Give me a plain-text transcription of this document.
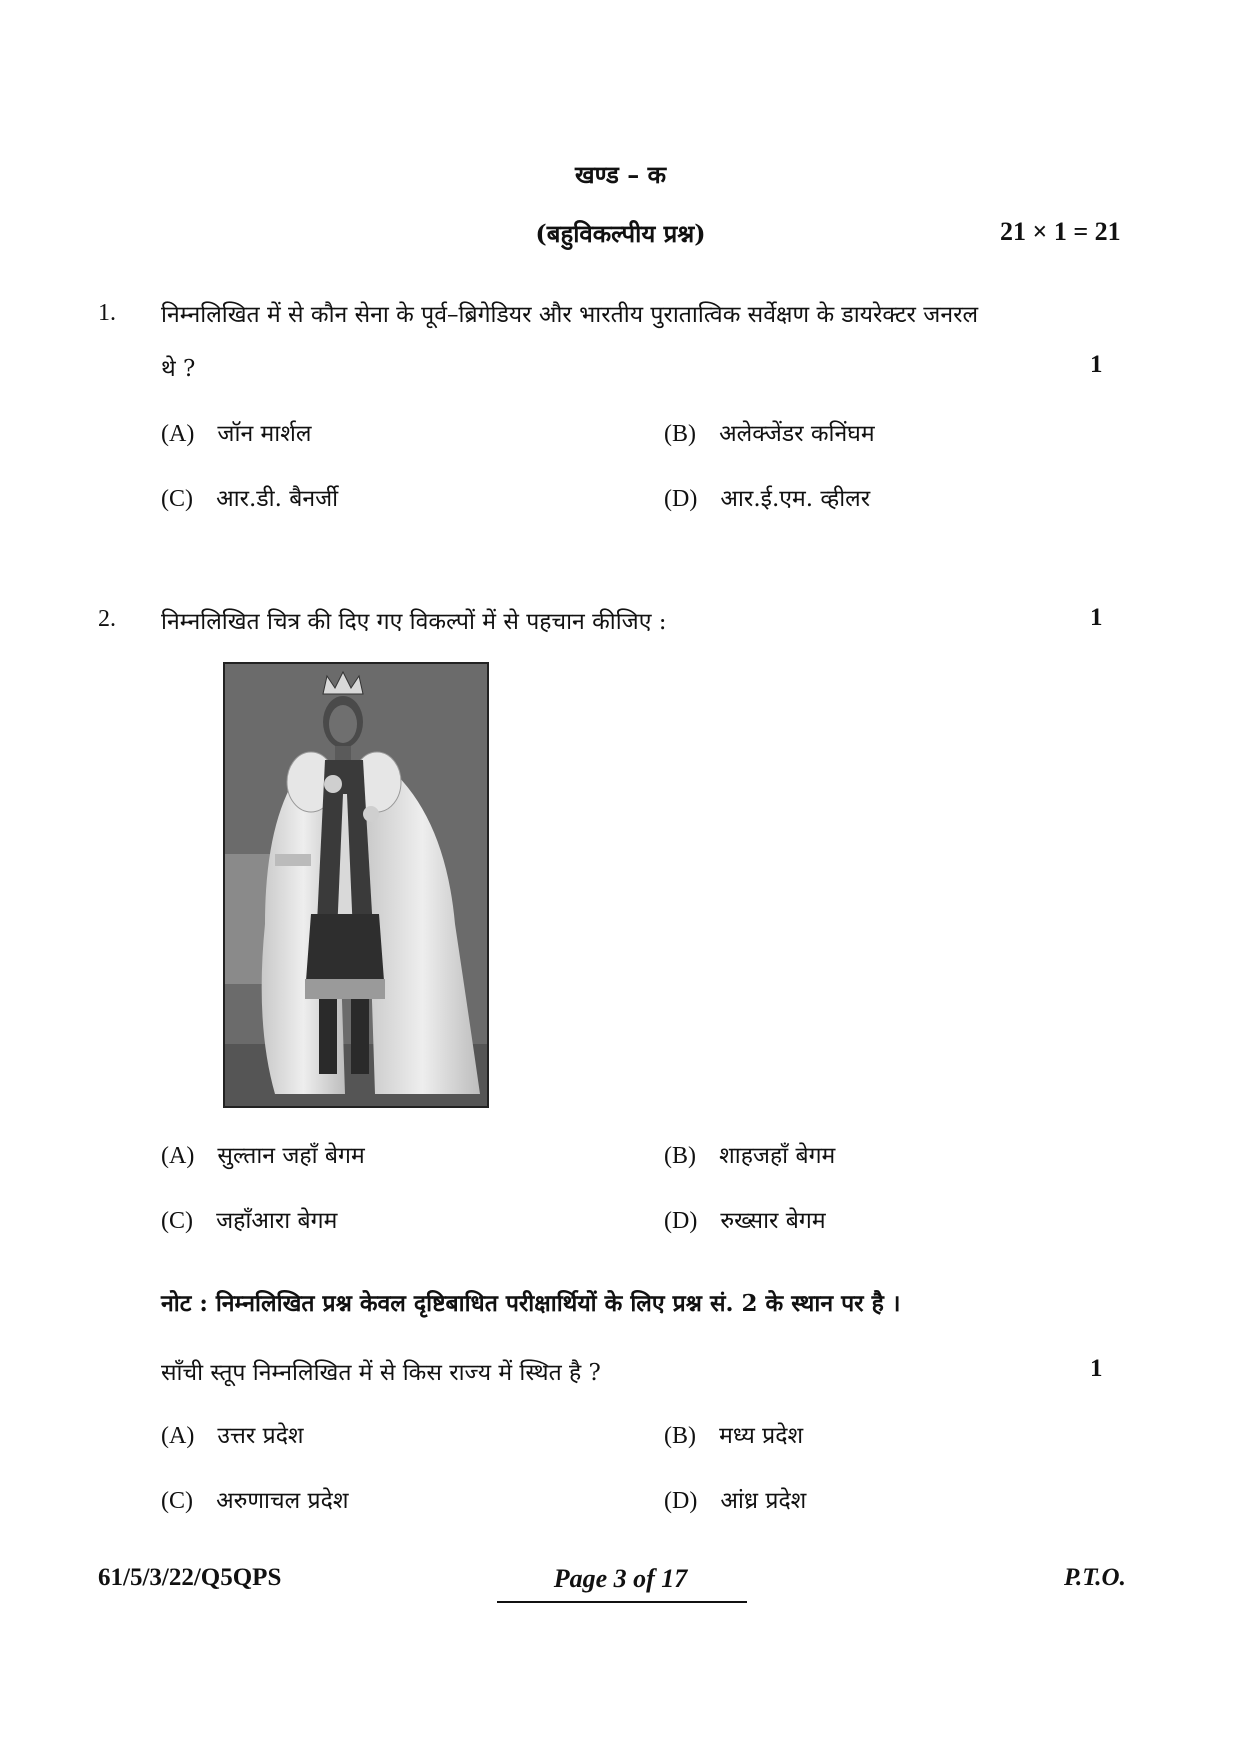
खण्ड – क
(बहुविकल्पीय प्रश्न)	21 × 1 = 21
1. निम्नलिखित में से कौन सेना के पूर्व–ब्रिगेडियर और भारतीय पुरातात्विक सर्वेक्षण के डायरेक्टर जनरल
थे ?	1
(A) जॉन मार्शल	(B) अलेक्जेंडर कनिंघम
(C) आर.डी. बैनर्जी	(D) आर.ई.एम. व्हीलर
2. निम्नलिखित चित्र की दिए गए विकल्पों में से पहचान कीजिए :	1
(A) सुल्तान जहाँ बेगम	(B) शाहजहाँ बेगम
(C) जहाँआरा बेगम	(D) रुख्सार बेगम
नोट : निम्नलिखित प्रश्न केवल दृष्टिबाधित परीक्षार्थियों के लिए प्रश्न सं. 2 के स्थान पर है ।
साँची स्तूप निम्नलिखित में से किस राज्य में स्थित है ?	1
(A) उत्तर प्रदेश	(B) मध्य प्रदेश
(C) अरुणाचल प्रदेश	(D) आंध्र प्रदेश
61/5/3/22/Q5QPS	Page 3 of 17	P.T.O.
